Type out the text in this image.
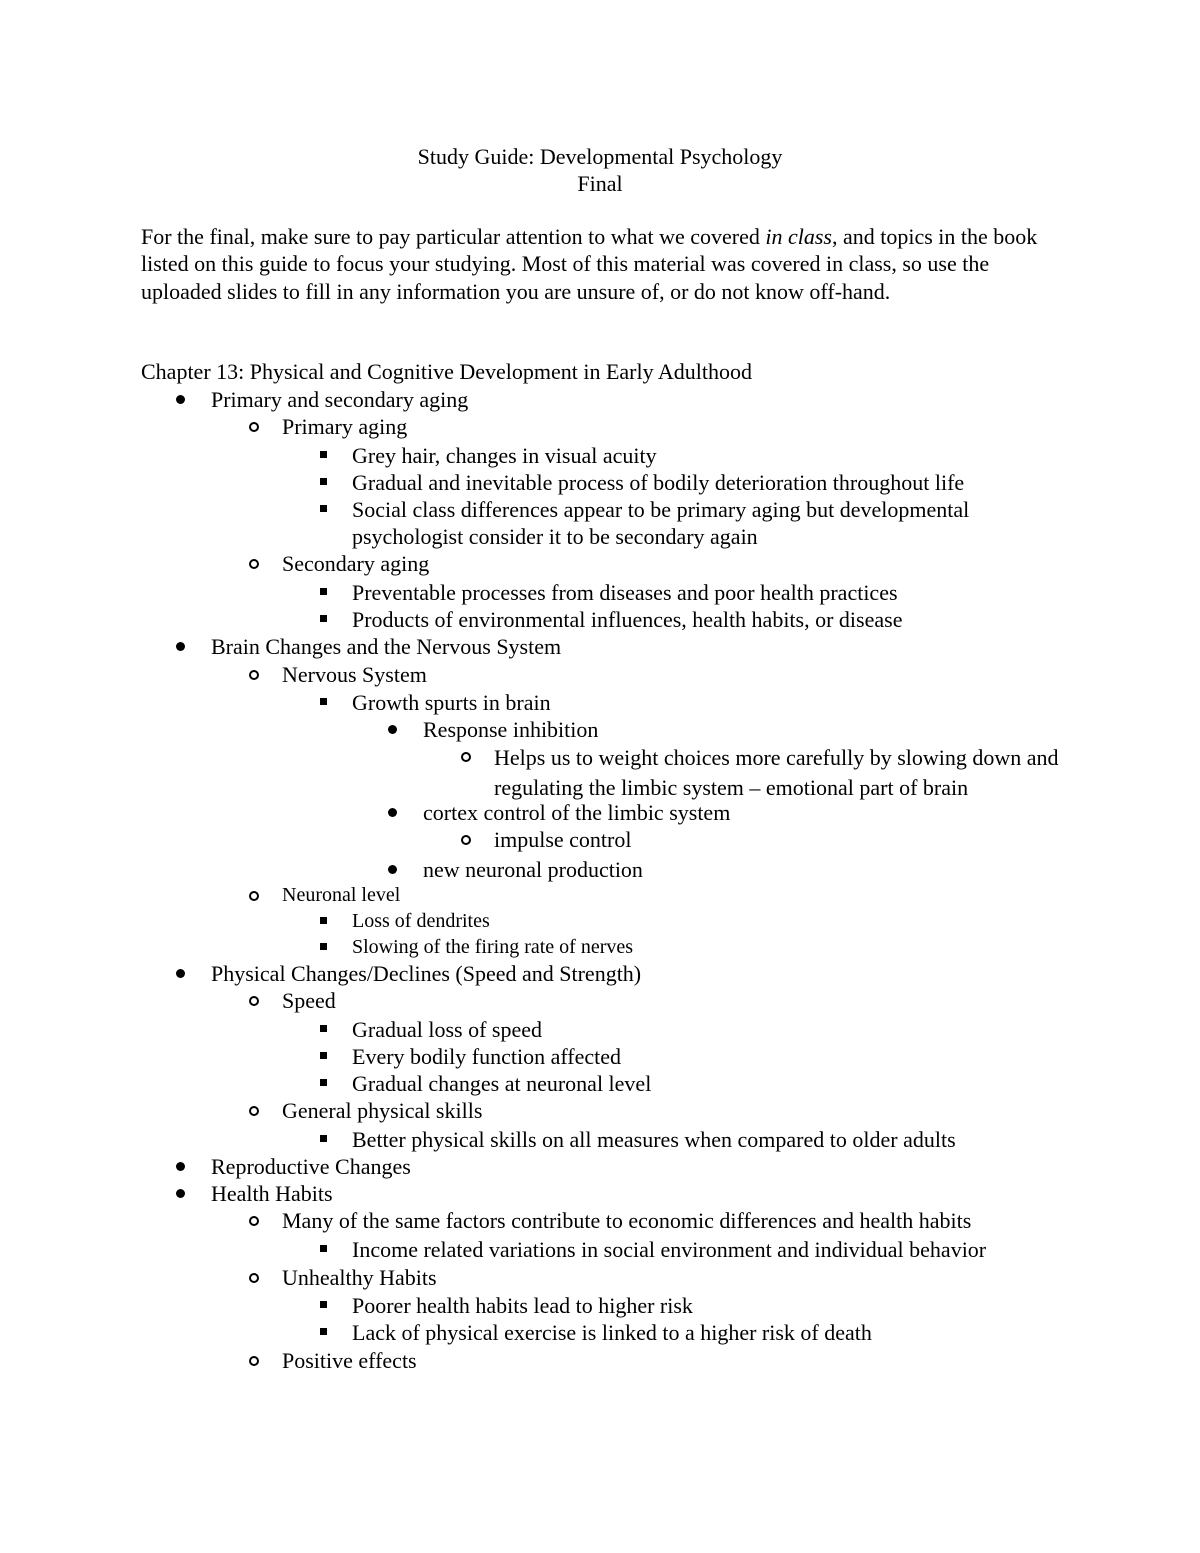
Study Guide: Developmental Psychology
Final
For the final, make sure to pay particular attention to what we covered in class, and topics in the book listed on this guide to focus your studying. Most of this material was covered in class, so use the uploaded slides to fill in any information you are unsure of, or do not know off-hand.
Chapter 13: Physical and Cognitive Development in Early Adulthood
Primary and secondary aging
Primary aging
Grey hair, changes in visual acuity
Gradual and inevitable process of bodily deterioration throughout life
Social class differences appear to be primary aging but developmental psychologist consider it to be secondary again
Secondary aging
Preventable processes from diseases and poor health practices
Products of environmental influences, health habits, or disease
Brain Changes and the Nervous System
Nervous System
Growth spurts in brain
Response inhibition
Helps us to weight choices more carefully by slowing down and regulating the limbic system – emotional part of brain
cortex control of the limbic system
impulse control
new neuronal production
Neuronal level
Loss of dendrites
Slowing of the firing rate of nerves
Physical Changes/Declines (Speed and Strength)
Speed
Gradual loss of speed
Every bodily function affected
Gradual changes at neuronal level
General physical skills
Better physical skills on all measures when compared to older adults
Reproductive Changes
Health Habits
Many of the same factors contribute to economic differences and health habits
Income related variations in social environment and individual behavior
Unhealthy Habits
Poorer health habits lead to higher risk
Lack of physical exercise is linked to a higher risk of death
Positive effects
